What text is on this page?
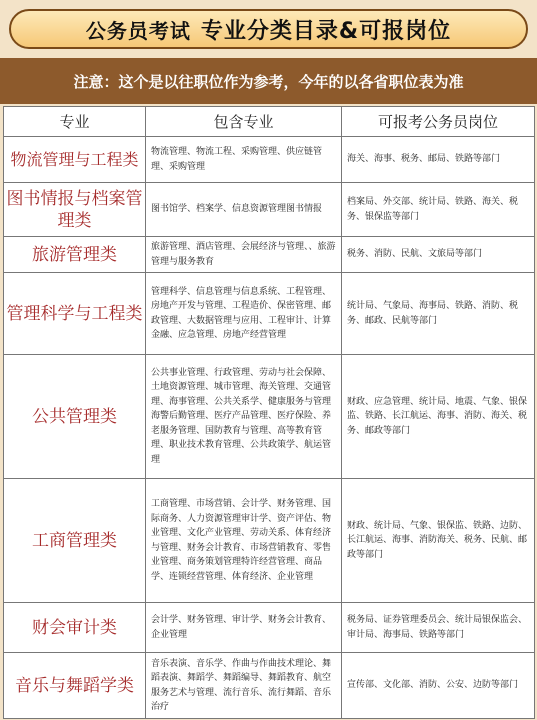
公务员考试 专业分类目录&可报岗位
注意：这个是以往职位作为参考，今年的以各省职位表为准
专业	包含专业	可报考公务员岗位
物流管理与工程类	物流管理、物流工程、采购管理、供应链管理、采购管理	海关、海事、税务、邮局、铁路等部门
图书情报与档案管理类	图书馆学、档案学、信息资源管理图书情报	档案局、外交部、统计局、铁路、海关、税务、银保监等部门
旅游管理类	旅游管理、酒店管理、会展经济与管理、、旅游管理与服务教育	税务、消防、民航、文旅局等部门
管理科学与工程类	管理科学、信息管理与信息系统、工程管理、房地产开发与管理、工程造价、保密管理、邮政管理、大数据管理与应用、工程审计、计算金融、应急管理、房地产经营管理	统计局、气象局、海事局、铁路、消防、税务、邮政、民航等部门
公共管理类	公共事业管理、行政管理、劳动与社会保障、土地资源管理、城市管理、海关管理、交通管理、海事管理、公共关系学、健康服务与管理海警后勤管理、医疗产品管理、医疗保险、养老服务管理、国防教育与管理、高等教育管理、职业技术教育管理、公共政策学、航运管理	财政、应急管理、统计局、地震、气象、银保监、铁路、长江航运、海事、消防、海关、税务、邮政等部门
工商管理类	工商管理、市场营销、会计学、财务管理、国际商务、人力资源管理审计学、资产评估、物业管理、文化产业管理、劳动关系、体育经济与管理、财务会计教育、市场营销教育、零售业管理、商务策划管理特许经营管理、商品学、连锁经营管理、体育经济、企业管理	财政、统计局、气象、银保监、铁路、边防、长江航运、海事、消防海关、税务、民航、邮政等部门
财会审计类	会计学、财务管理、审计学、财务会计教育、企业管理	税务局、证券管理委员会、统计局银保监会、审计局、海事局、铁路等部门
音乐与舞蹈学类	音乐表演、音乐学、作曲与作曲技术理论、舞蹈表演、舞蹈学、舞蹈编导、舞蹈教育、航空服务艺术与管理、流行音乐、流行舞蹈、音乐治疗	宣传部、文化部、消防、公安、边防等部门
